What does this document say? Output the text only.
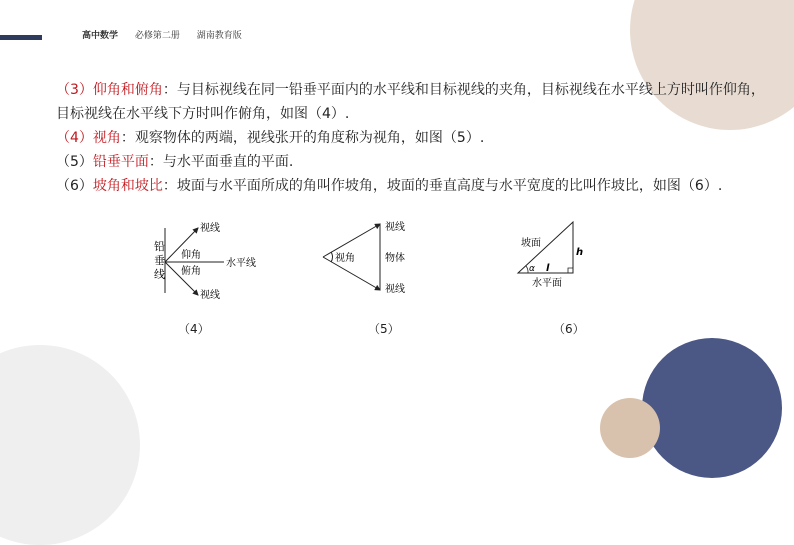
高中数学 必修第二册 湖南教育版

（3）仰角和俯角：与目标视线在同一铅垂平面内的水平线和目标视线的夹角，目标视线在水平线上方时叫作仰角，目标视线在水平线下方时叫作俯角，如图（4）.

（4）视角：观察物体的两端，视线张开的角度称为视角，如图（5）.

（5）铅垂平面：与水平面垂直的平面.

（6）坡角和坡比：坡面与水平面所成的角叫作坡角，坡面的垂直高度与水平宽度的比叫作坡比，如图（6）.

铅
垂
线
视线
仰角
俯角
水平线
视线
（4）
视角
视线
物体
视线
（5）
坡面
h
α l
水平面
（6）
